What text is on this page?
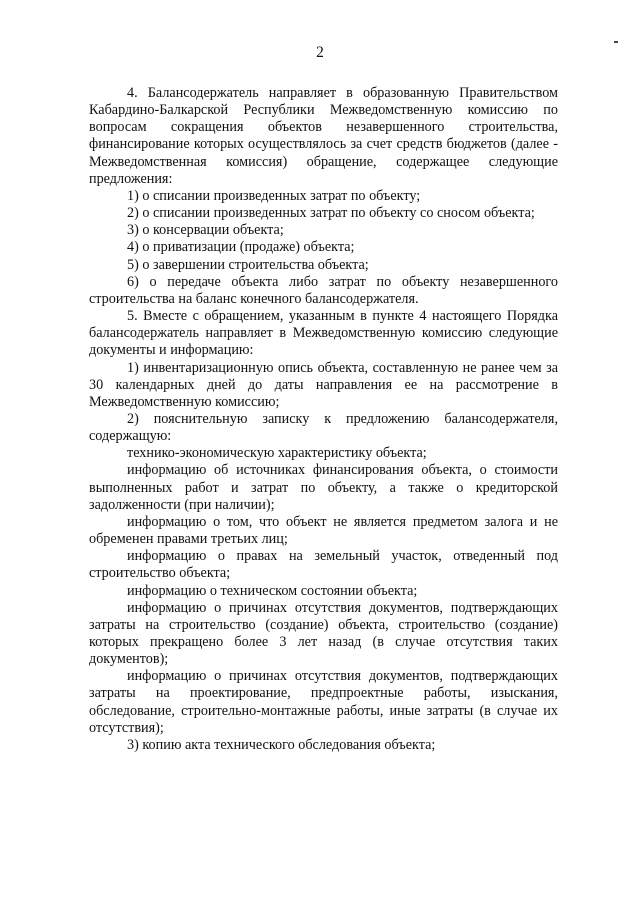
2

4. Балансодержатель направляет в образованную Правительством Кабардино-Балкарской Республики Межведомственную комиссию по вопросам сокращения объектов незавершенного строительства, финансирование которых осуществлялось за счет средств бюджетов (далее - Межведомственная комиссия) обращение, содержащее следующие предложения:

1) о списании произведенных затрат по объекту;

2) о списании произведенных затрат по объекту со сносом объекта;

3) о консервации объекта;

4) о приватизации (продаже) объекта;

5) о завершении строительства объекта;

6) о передаче объекта либо затрат по объекту незавершенного строительства на баланс конечного балансодержателя.

5. Вместе с обращением, указанным в пункте 4 настоящего Порядка балансодержатель направляет в Межведомственную комиссию следующие документы и информацию:

1) инвентаризационную опись объекта, составленную не ранее чем за 30 календарных дней до даты направления ее на рассмотрение в Межведомственную комиссию;

2) пояснительную записку к предложению балансодержателя, содержащую:

технико-экономическую характеристику объекта;

информацию об источниках финансирования объекта, о стоимости выполненных работ и затрат по объекту, а также о кредиторской задолженности (при наличии);

информацию о том, что объект не является предметом залога и не обременен правами третьих лиц;

информацию о правах на земельный участок, отведенный под строительство объекта;

информацию о техническом состоянии объекта;

информацию о причинах отсутствия документов, подтверждающих затраты на строительство (создание) объекта, строительство (создание) которых прекращено более 3 лет назад (в случае отсутствия таких документов);

информацию о причинах отсутствия документов, подтверждающих затраты на проектирование, предпроектные работы, изыскания, обследование, строительно-монтажные работы, иные затраты (в случае их отсутствия);

3) копию акта технического обследования объекта;
